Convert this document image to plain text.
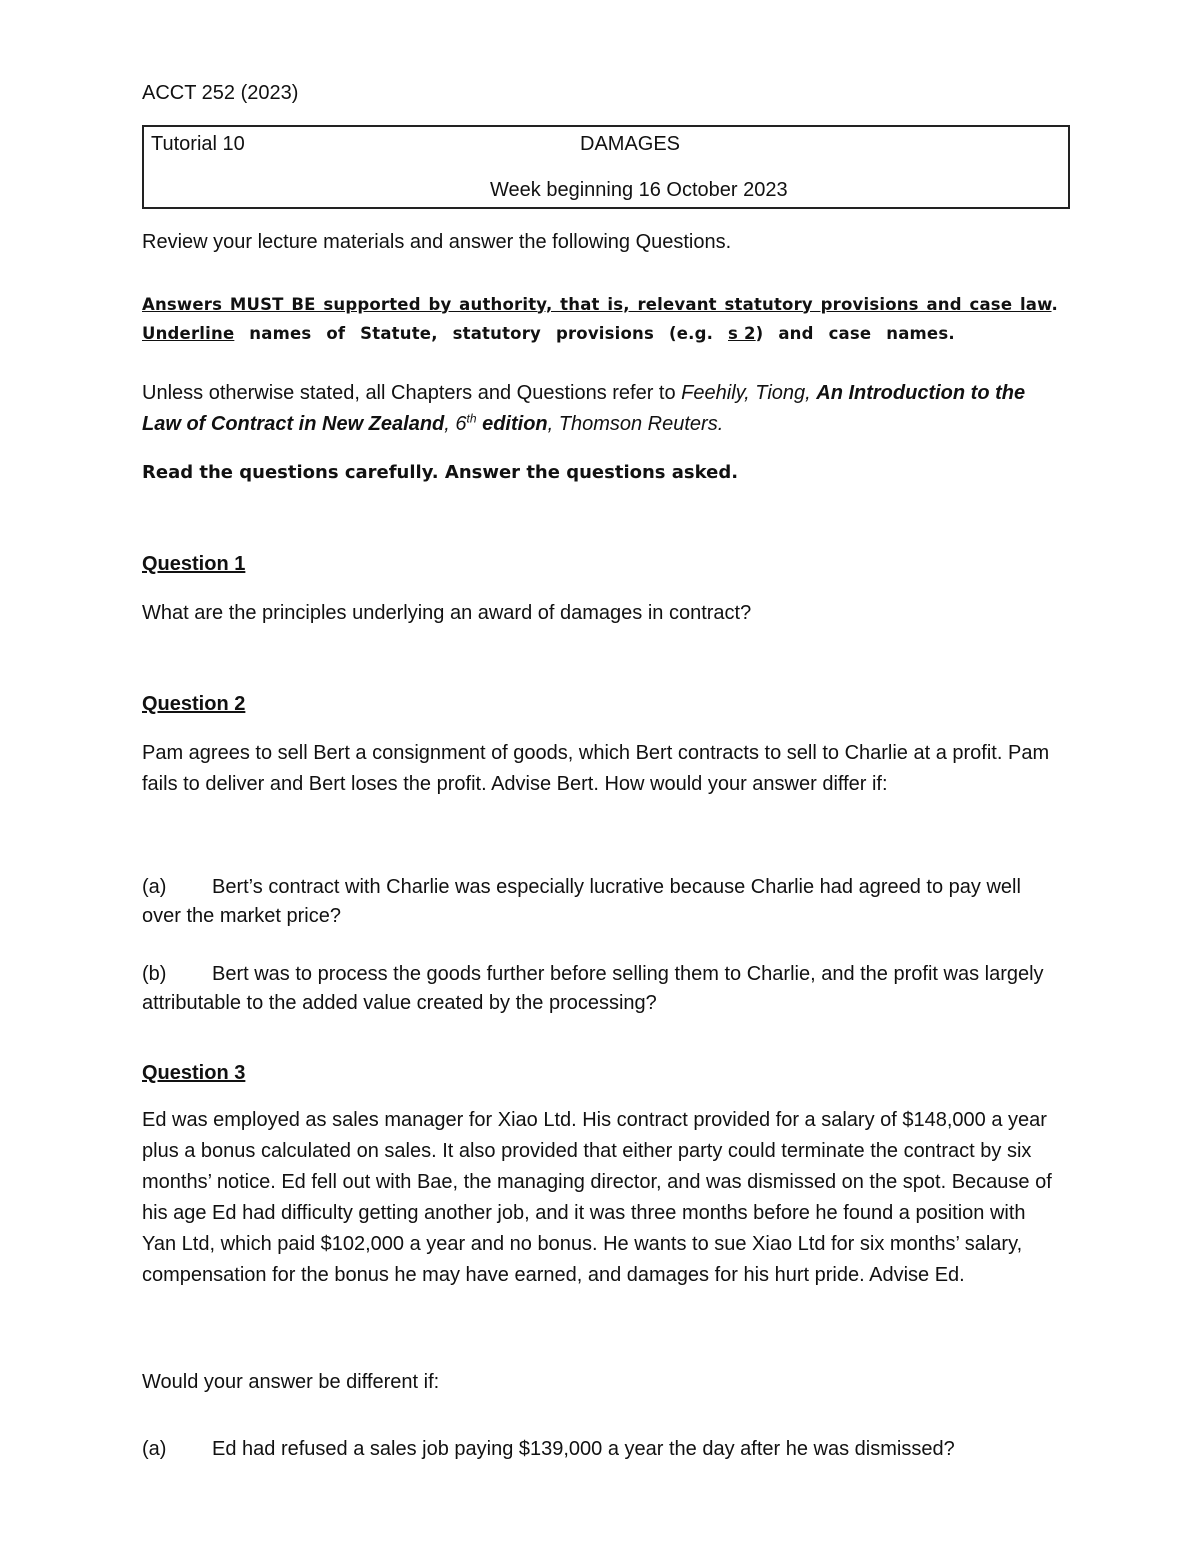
ACCT 252 (2023)
Tutorial 10	DAMAGES
Week beginning 16 October 2023

Review your lecture materials and answer the following Questions.

Answers MUST BE supported by authority, that is, relevant statutory provisions and case law. Underline names of Statute, statutory provisions (e.g. s 2) and case names.

Unless otherwise stated, all Chapters and Questions refer to Feehily, Tiong, An Introduction to the Law of Contract in New Zealand, 6th edition, Thomson Reuters.

Read the questions carefully. Answer the questions asked.
Question 1

What are the principles underlying an award of damages in contract?

Question 2

Pam agrees to sell Bert a consignment of goods, which Bert contracts to sell to Charlie at a profit. Pam fails to deliver and Bert loses the profit. Advise Bert. How would your answer differ if:

(a) Bert’s contract with Charlie was especially lucrative because Charlie had agreed to pay well over the market price?

(b) Bert was to process the goods further before selling them to Charlie, and the profit was largely attributable to the added value created by the processing?

Question 3

Ed was employed as sales manager for Xiao Ltd. His contract provided for a salary of $148,000 a year plus a bonus calculated on sales. It also provided that either party could terminate the contract by six months’ notice. Ed fell out with Bae, the managing director, and was dismissed on the spot. Because of his age Ed had difficulty getting another job, and it was three months before he found a position with Yan Ltd, which paid $102,000 a year and no bonus. He wants to sue Xiao Ltd for six months’ salary, compensation for the bonus he may have earned, and damages for his hurt pride. Advise Ed.

Would your answer be different if:

(a) Ed had refused a sales job paying $139,000 a year the day after he was dismissed?
